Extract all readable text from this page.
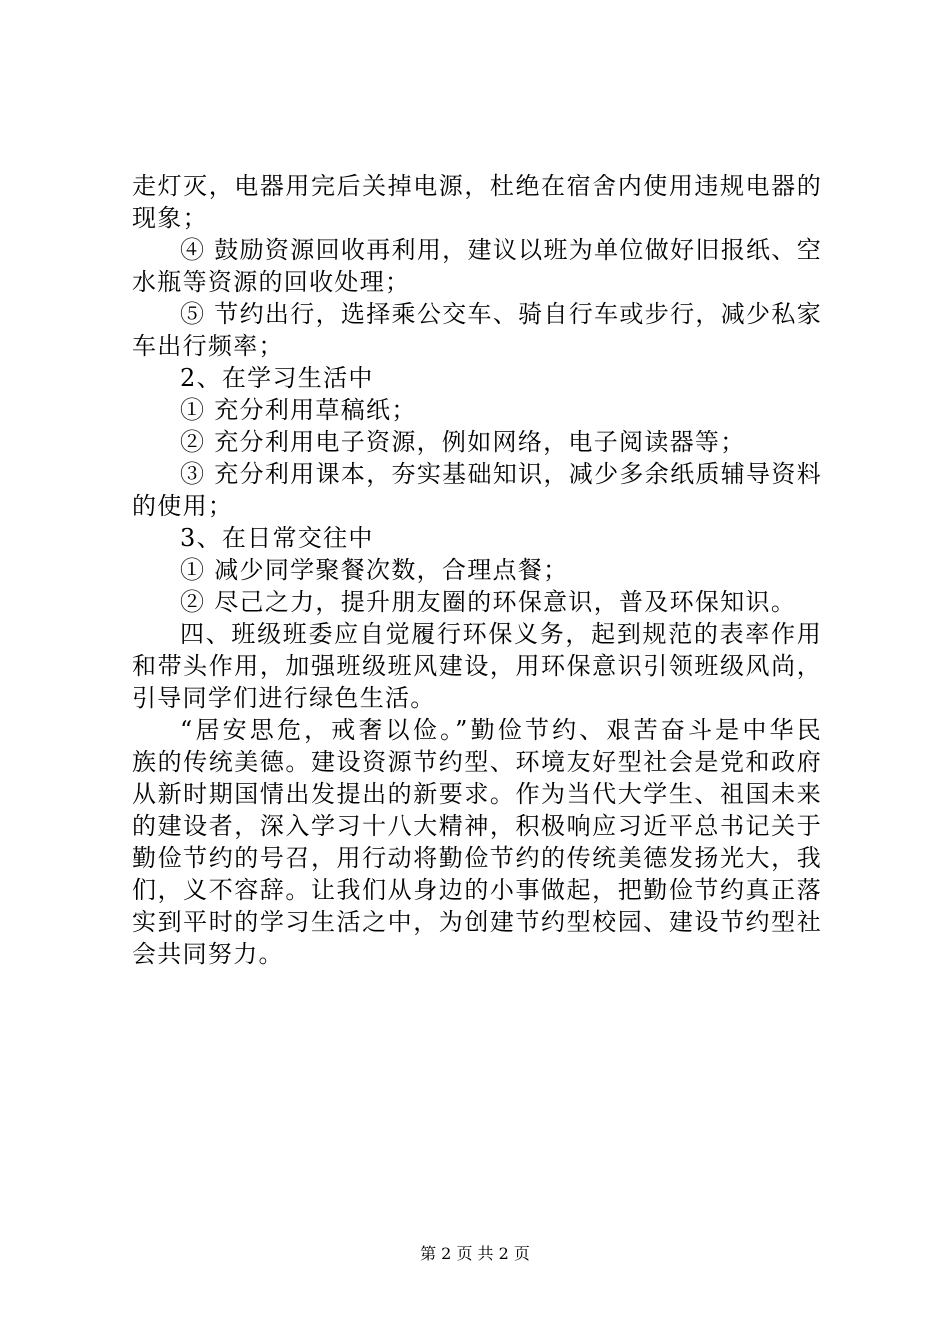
走灯灭，电器用完后关掉电源，杜绝在宿舍内使用违规电器的
现象；
④ 鼓励资源回收再利用，建议以班为单位做好旧报纸、空
水瓶等资源的回收处理；
⑤ 节约出行，选择乘公交车、骑自行车或步行，减少私家
车出行频率；
2、在学习生活中
① 充分利用草稿纸；
② 充分利用电子资源，例如网络，电子阅读器等；
③ 充分利用课本，夯实基础知识，减少多余纸质辅导资料
的使用；
3、在日常交往中
① 减少同学聚餐次数，合理点餐；
② 尽己之力，提升朋友圈的环保意识，普及环保知识。
四、班级班委应自觉履行环保义务，起到规范的表率作用
和带头作用，加强班级班风建设，用环保意识引领班级风尚，
引导同学们进行绿色生活。
“居安思危，戒奢以俭。”勤俭节约、艰苦奋斗是中华民
族的传统美德。建设资源节约型、环境友好型社会是党和政府
从新时期国情出发提出的新要求。作为当代大学生、祖国未来
的建设者，深入学习十八大精神，积极响应习近平总书记关于
勤俭节约的号召，用行动将勤俭节约的传统美德发扬光大，我
们，义不容辞。让我们从身边的小事做起，把勤俭节约真正落
实到平时的学习生活之中，为创建节约型校园、建设节约型社
会共同努力。
第 2 页 共 2 页
